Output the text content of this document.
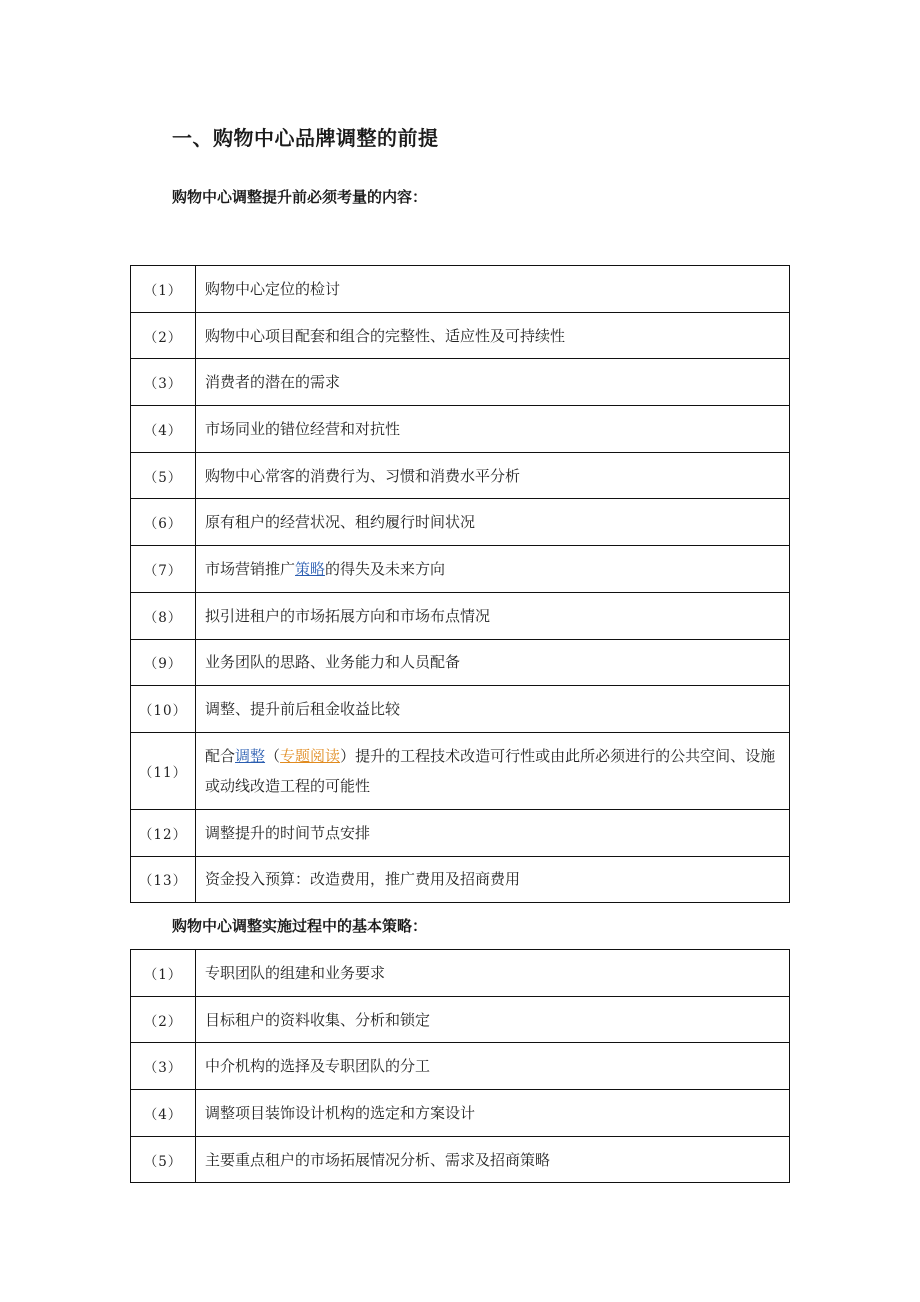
一、购物中心品牌调整的前提

购物中心调整提升前必须考量的内容：

（1）	购物中心定位的检讨
（2）	购物中心项目配套和组合的完整性、适应性及可持续性
（3）	消费者的潜在的需求
（4）	市场同业的错位经营和对抗性
（5）	购物中心常客的消费行为、习惯和消费水平分析
（6）	原有租户的经营状况、租约履行时间状况
（7）	市场营销推广策略的得失及未来方向
（8）	拟引进租户的市场拓展方向和市场布点情况
（9）	业务团队的思路、业务能力和人员配备
（10）	调整、提升前后租金收益比较
（11）	配合调整（专题阅读）提升的工程技术改造可行性或由此所必须进行的公共空间、设施或动线改造工程的可能性
（12）	调整提升的时间节点安排
（13）	资金投入预算：改造费用，推广费用及招商费用

购物中心调整实施过程中的基本策略：

（1）	专职团队的组建和业务要求
（2）	目标租户的资料收集、分析和锁定
（3）	中介机构的选择及专职团队的分工
（4）	调整项目装饰设计机构的选定和方案设计
（5）	主要重点租户的市场拓展情况分析、需求及招商策略
